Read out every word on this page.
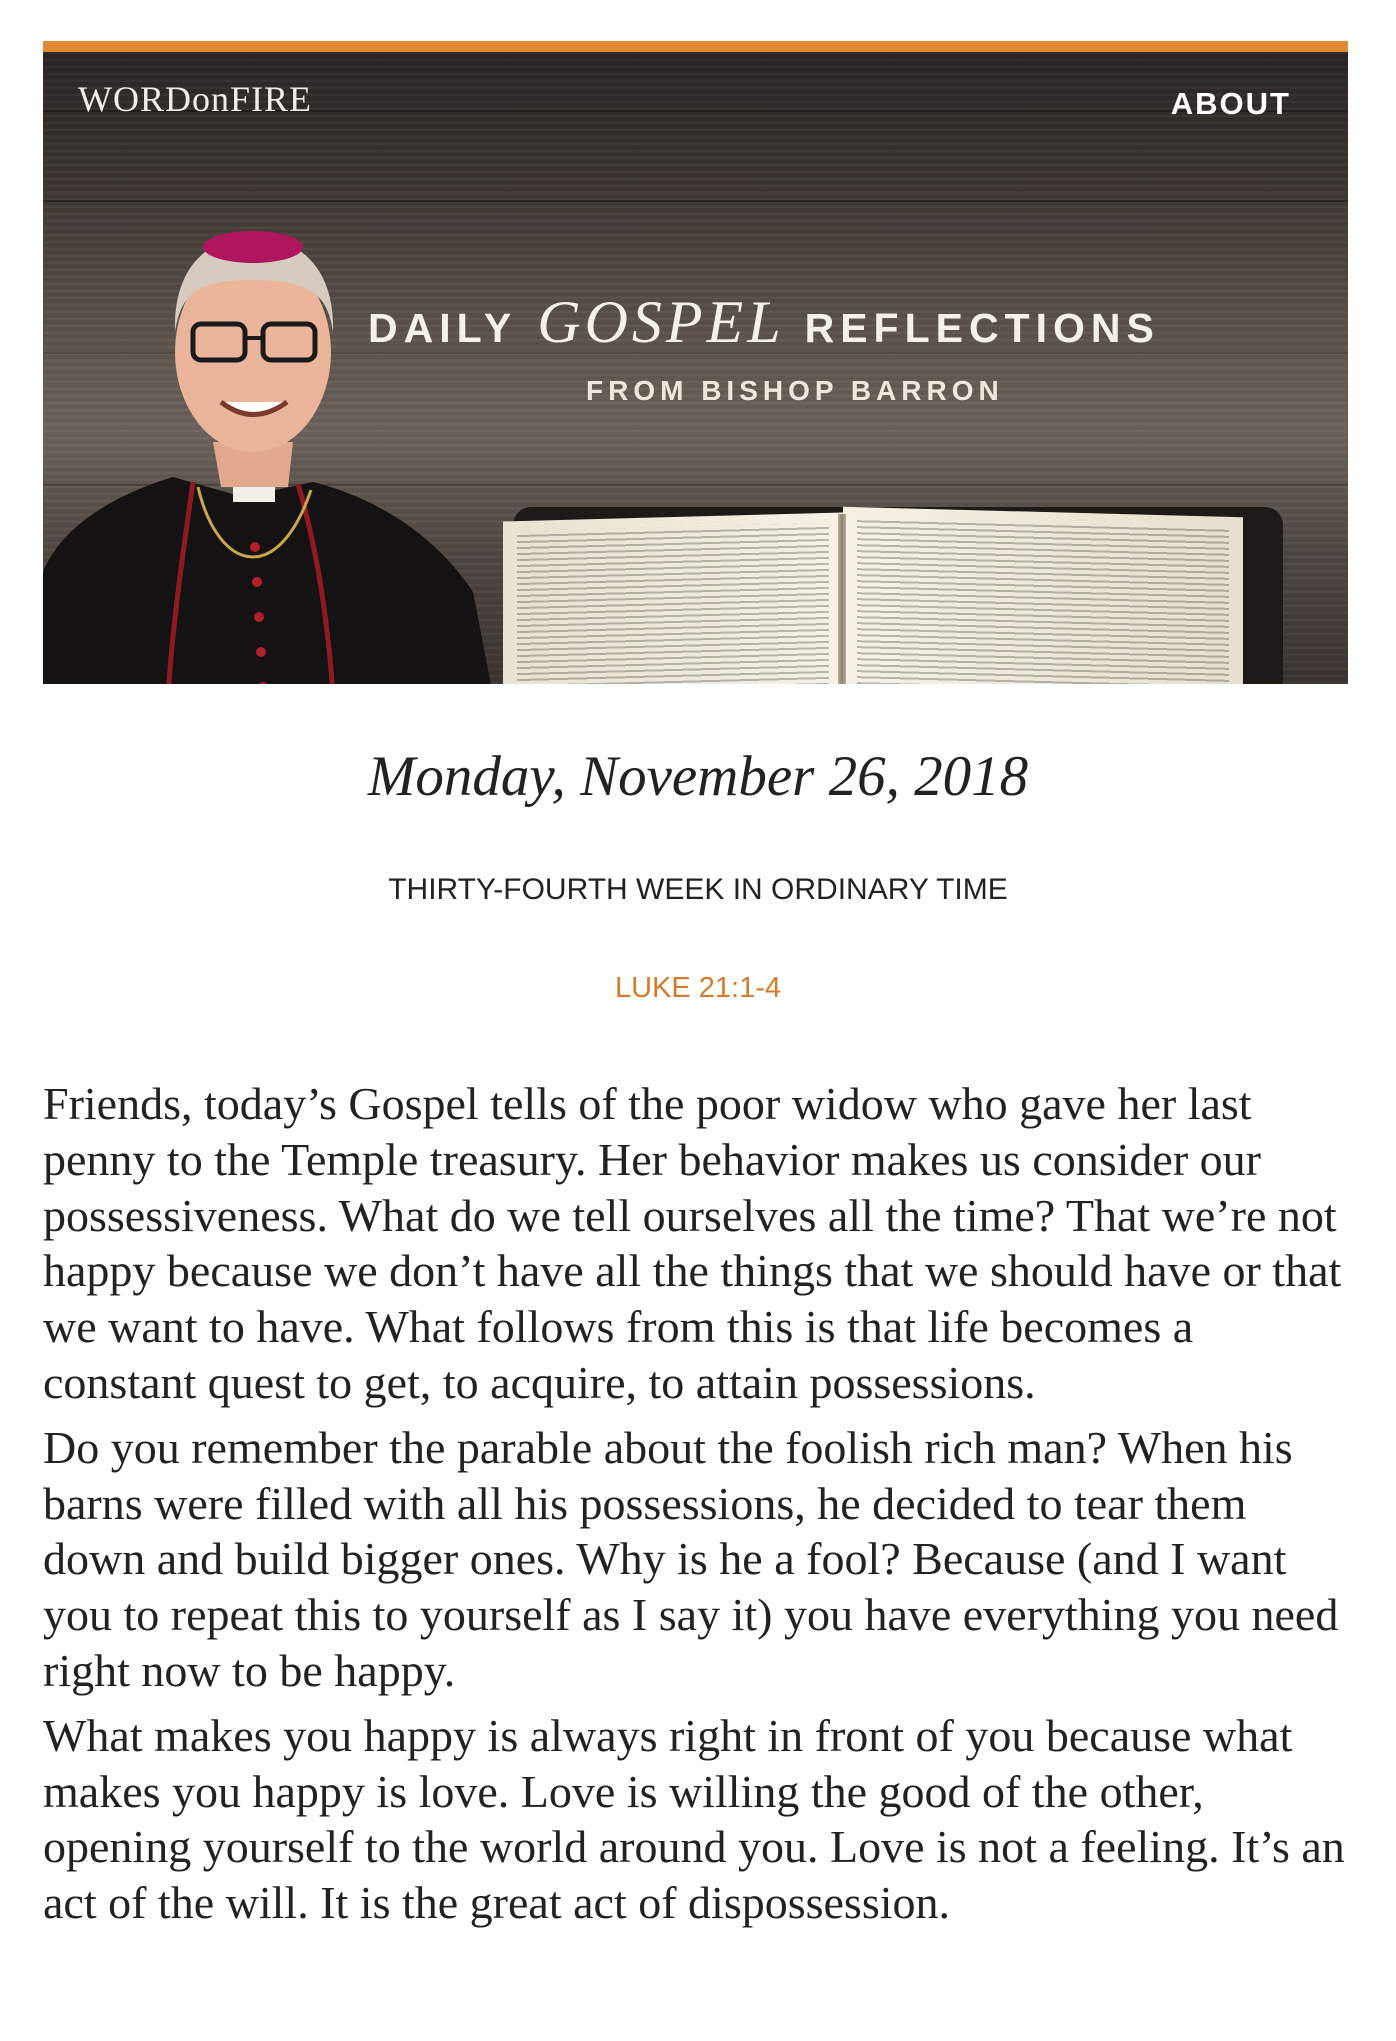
WORDonFIRE	ABOUT
DAILY GOSPEL REFLECTIONS
FROM BISHOP BARRON
Monday, November 26, 2018
THIRTY-FOURTH WEEK IN ORDINARY TIME
LUKE 21:1-4

Friends, today’s Gospel tells of the poor widow who gave her last penny to the Temple treasury. Her behavior makes us consider our possessiveness. What do we tell ourselves all the time? That we’re not happy because we don’t have all the things that we should have or that we want to have. What follows from this is that life becomes a constant quest to get, to acquire, to attain possessions.

Do you remember the parable about the foolish rich man? When his barns were filled with all his possessions, he decided to tear them down and build bigger ones. Why is he a fool? Because (and I want you to repeat this to yourself as I say it) you have everything you need right now to be happy.

What makes you happy is always right in front of you because what makes you happy is love. Love is willing the good of the other, opening yourself to the world around you. Love is not a feeling. It’s an act of the will. It is the great act of dispossession.
